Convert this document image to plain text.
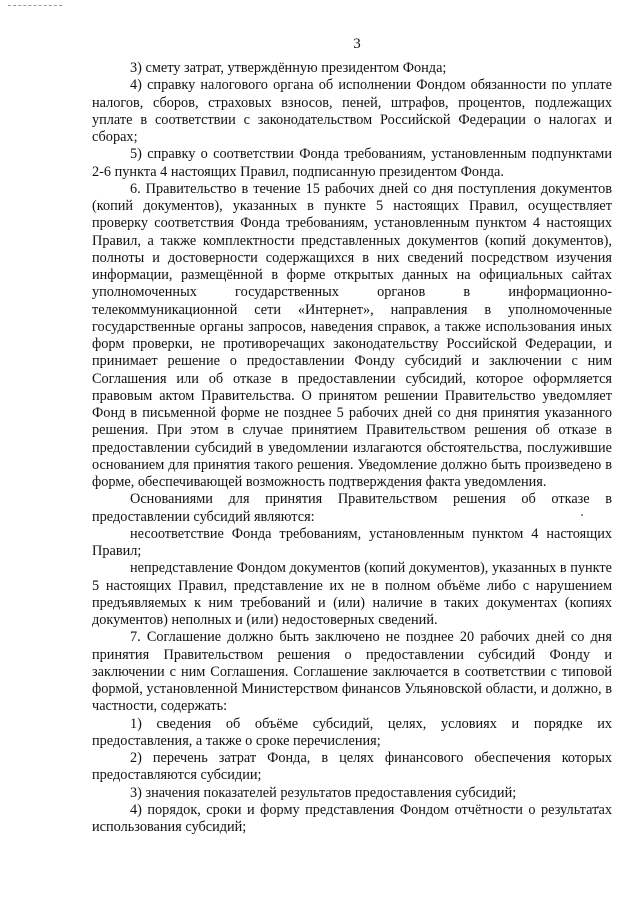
3

3) смету затрат, утверждённую президентом Фонда;

4) справку налогового органа об исполнении Фондом обязанности по уплате налогов, сборов, страховых взносов, пеней, штрафов, процентов, подлежащих уплате в соответствии с законодательством Российской Федерации о налогах и сборах;

5) справку о соответствии Фонда требованиям, установленным подпунктами 2-6 пункта 4 настоящих Правил, подписанную президентом Фонда.

6. Правительство в течение 15 рабочих дней со дня поступления документов (копий документов), указанных в пункте 5 настоящих Правил, осуществляет проверку соответствия Фонда требованиям, установленным пунктом 4 настоящих Правил, а также комплектности представленных документов (копий документов), полноты и достоверности содержащихся в них сведений посредством изучения информации, размещённой в форме открытых данных на официальных сайтах уполномоченных государственных органов в информационно-телекоммуникационной сети «Интернет», направления в уполномоченные государственные органы запросов, наведения справок, а также использования иных форм проверки, не противоречащих законодательству Российской Федерации, и принимает решение о предоставлении Фонду субсидий и заключении с ним Соглашения или об отказе в предоставлении субсидий, которое оформляется правовым актом Правительства. О принятом решении Правительство уведомляет Фонд в письменной форме не позднее 5 рабочих дней со дня принятия указанного решения. При этом в случае принятием Правительством решения об отказе в предоставлении субсидий в уведомлении излагаются обстоятельства, послужившие основанием для принятия такого решения. Уведомление должно быть произведено в форме, обеспечивающей возможность подтверждения факта уведомления.

Основаниями для принятия Правительством решения об отказе в предоставлении субсидий являются:

несоответствие Фонда требованиям, установленным пунктом 4 настоящих Правил;

непредставление Фондом документов (копий документов), указанных в пункте 5 настоящих Правил, представление их не в полном объёме либо с нарушением предъявляемых к ним требований и (или) наличие в таких документах (копиях документов) неполных и (или) недостоверных сведений.

7. Соглашение должно быть заключено не позднее 20 рабочих дней со дня принятия Правительством решения о предоставлении субсидий Фонду и заключении с ним Соглашения. Соглашение заключается в соответствии с типовой формой, установленной Министерством финансов Ульяновской области, и должно, в частности, содержать:

1) сведения об объёме субсидий, целях, условиях и порядке их предоставления, а также о сроке перечисления;

2) перечень затрат Фонда, в целях финансового обеспечения которых предоставляются субсидии;

3) значения показателей результатов предоставления субсидий;

4) порядок, сроки и форму представления Фондом отчётности о результатах использования субсидий;
